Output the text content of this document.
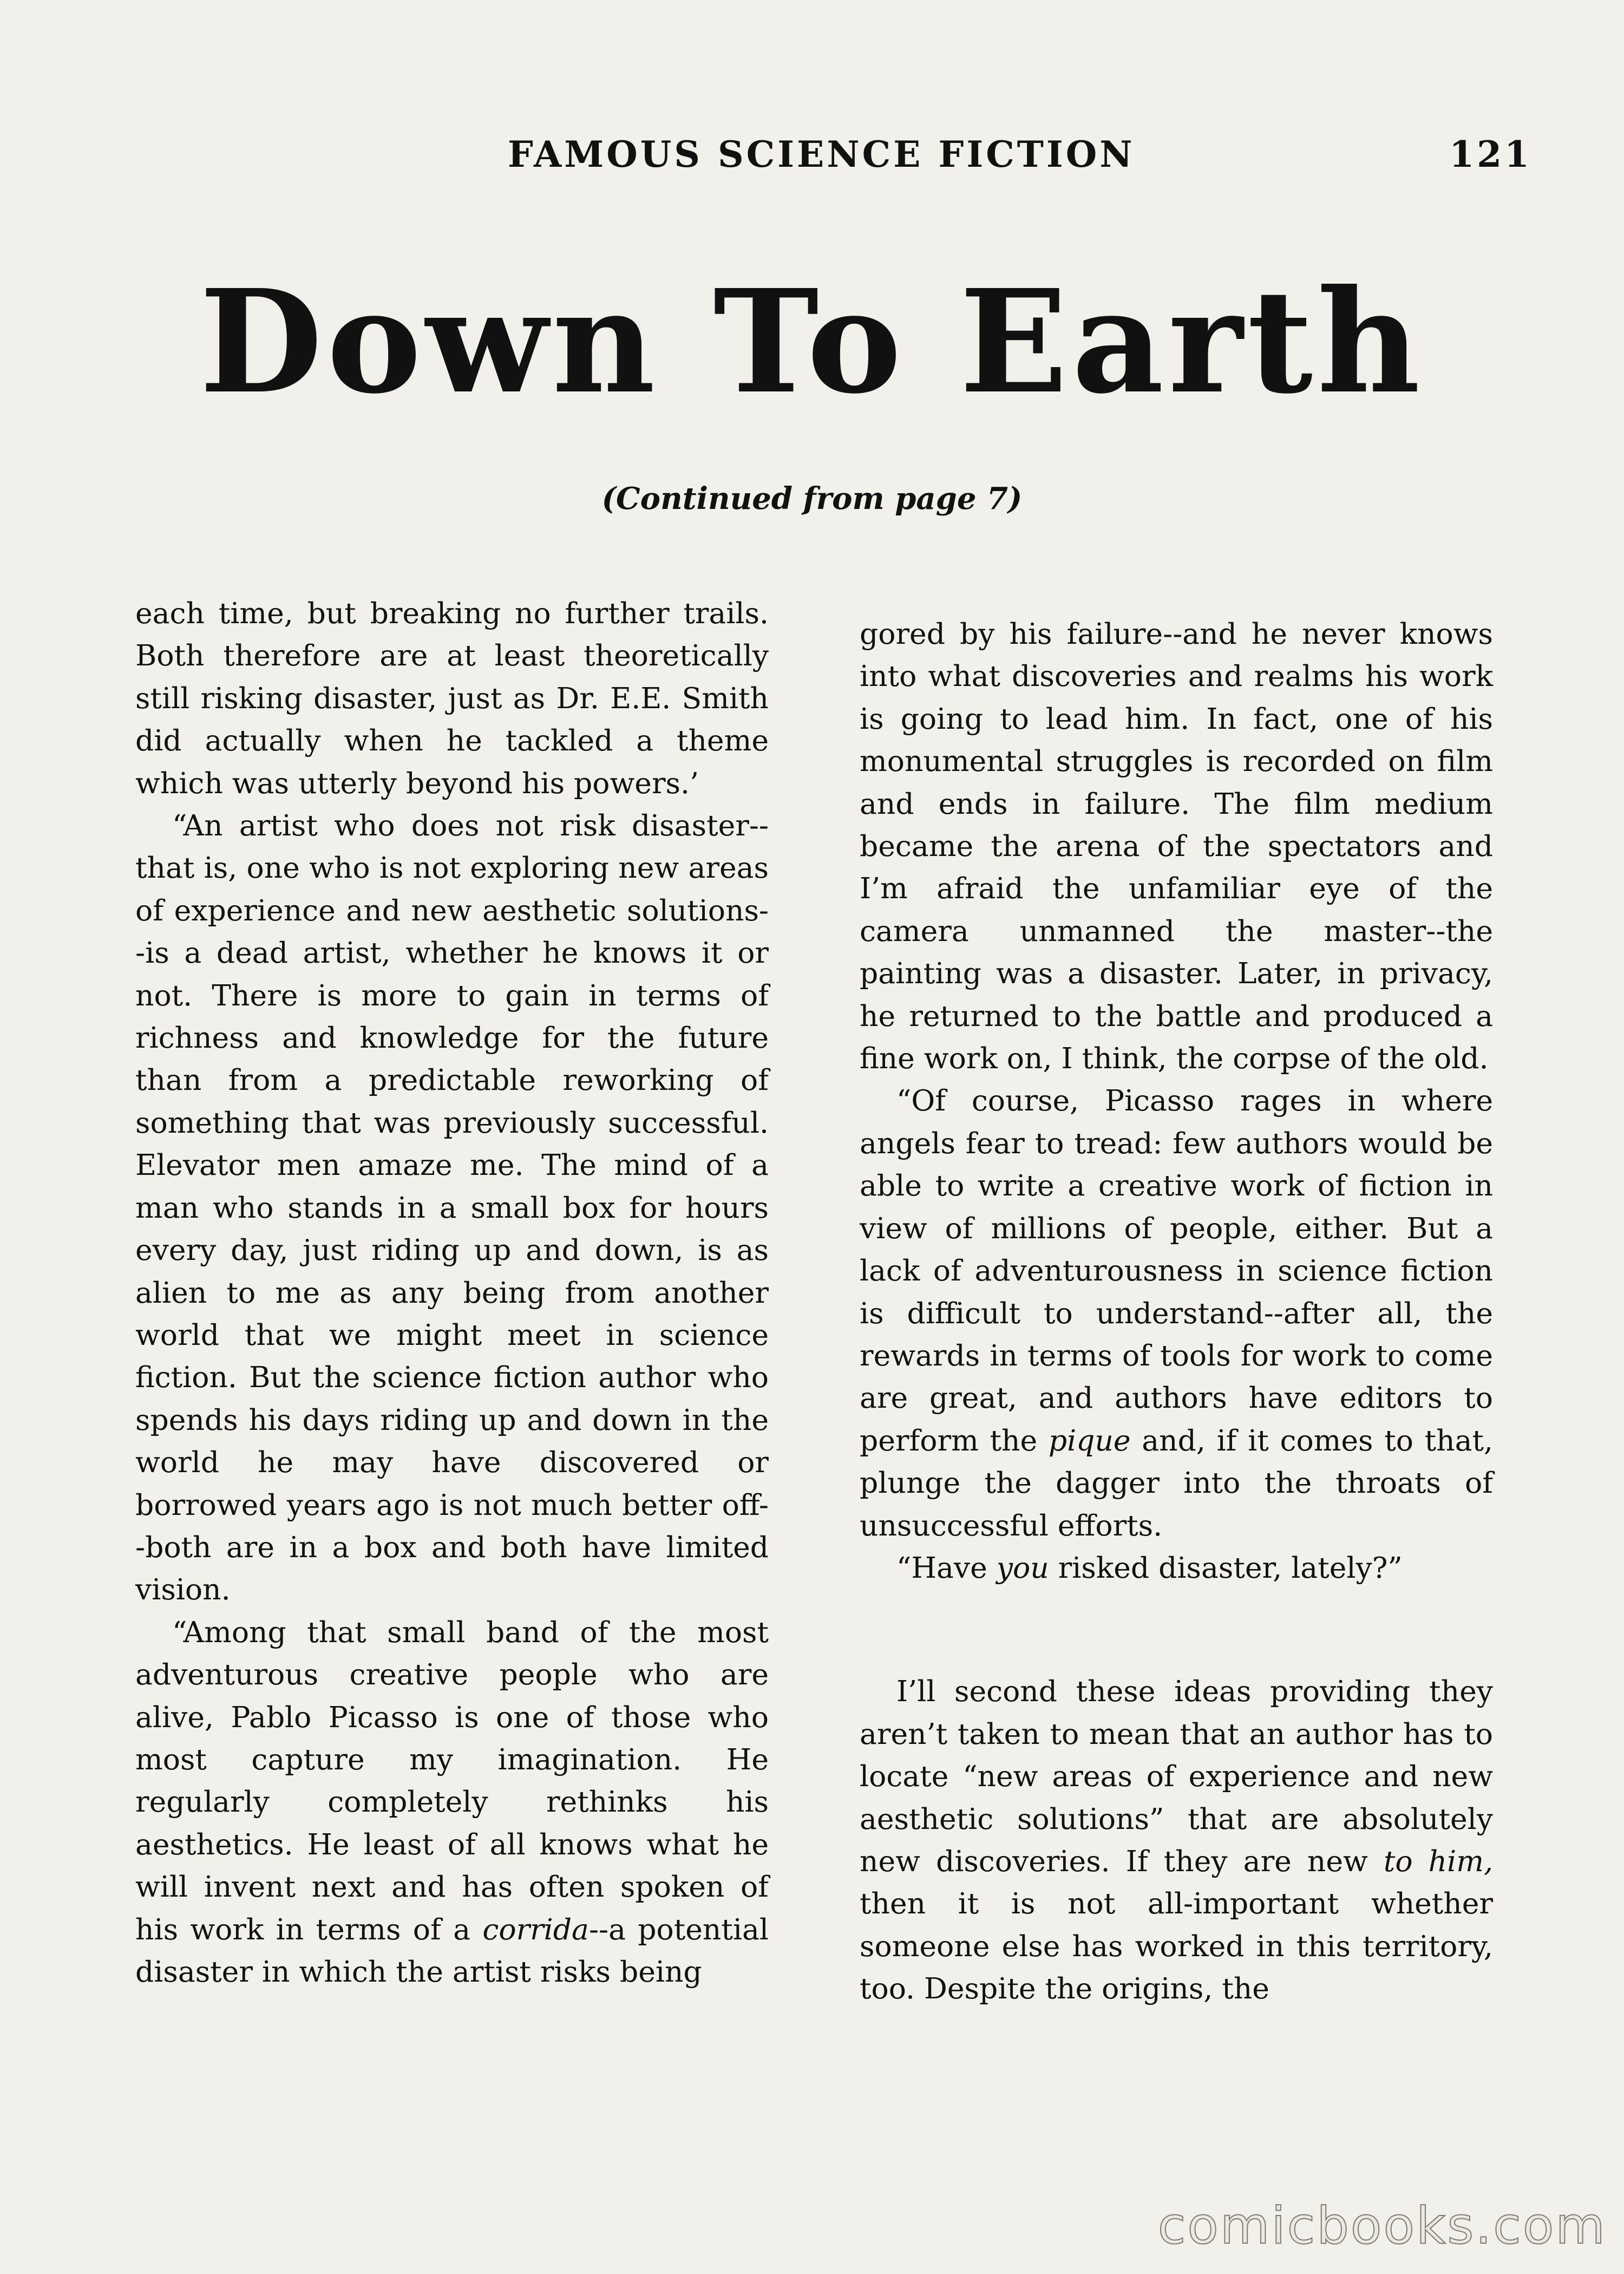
FAMOUS SCIENCE FICTION	121
Down To Earth
(Continued from page 7)

each time, but breaking no further trails. Both therefore are at least theoretically still risking disaster, just as Dr. E.E. Smith did actually when he tackled a theme which was utterly beyond his powers.’

“An artist who does not risk disaster--that is, one who is not exploring new areas of experience and new aesthetic solutions--is a dead artist, whether he knows it or not. There is more to gain in terms of richness and knowledge for the future than from a predictable reworking of something that was previously successful. Elevator men amaze me. The mind of a man who stands in a small box for hours every day, just riding up and down, is as alien to me as any being from another world that we might meet in science fiction. But the science fiction author who spends his days riding up and down in the world he may have discovered or borrowed years ago is not much better off--both are in a box and both have limited vision.

“Among that small band of the most adventurous creative people who are alive, Pablo Picasso is one of those who most capture my imagination. He regularly completely rethinks his aesthetics. He least of all knows what he will invent next and has often spoken of his work in terms of a corrida--a potential disaster in which the artist risks being

gored by his failure--and he never knows into what discoveries and realms his work is going to lead him. In fact, one of his monumental struggles is recorded on film and ends in failure. The film medium became the arena of the spectators and I’m afraid the unfamiliar eye of the camera unmanned the master--the painting was a disaster. Later, in privacy, he returned to the battle and produced a fine work on, I think, the corpse of the old.

“Of course, Picasso rages in where angels fear to tread: few authors would be able to write a creative work of fiction in view of millions of people, either. But a lack of adventurousness in science fiction is difficult to understand--after all, the rewards in terms of tools for work to come are great, and authors have editors to perform the pique and, if it comes to that, plunge the dagger into the throats of unsuccessful efforts.

“Have you risked disaster, lately?”

I’ll second these ideas providing they aren’t taken to mean that an author has to locate “new areas of experience and new aesthetic solutions” that are absolutely new discoveries. If they are new to him, then it is not all-important whether someone else has worked in this territory, too. Despite the origins, the

comicbooks.com
